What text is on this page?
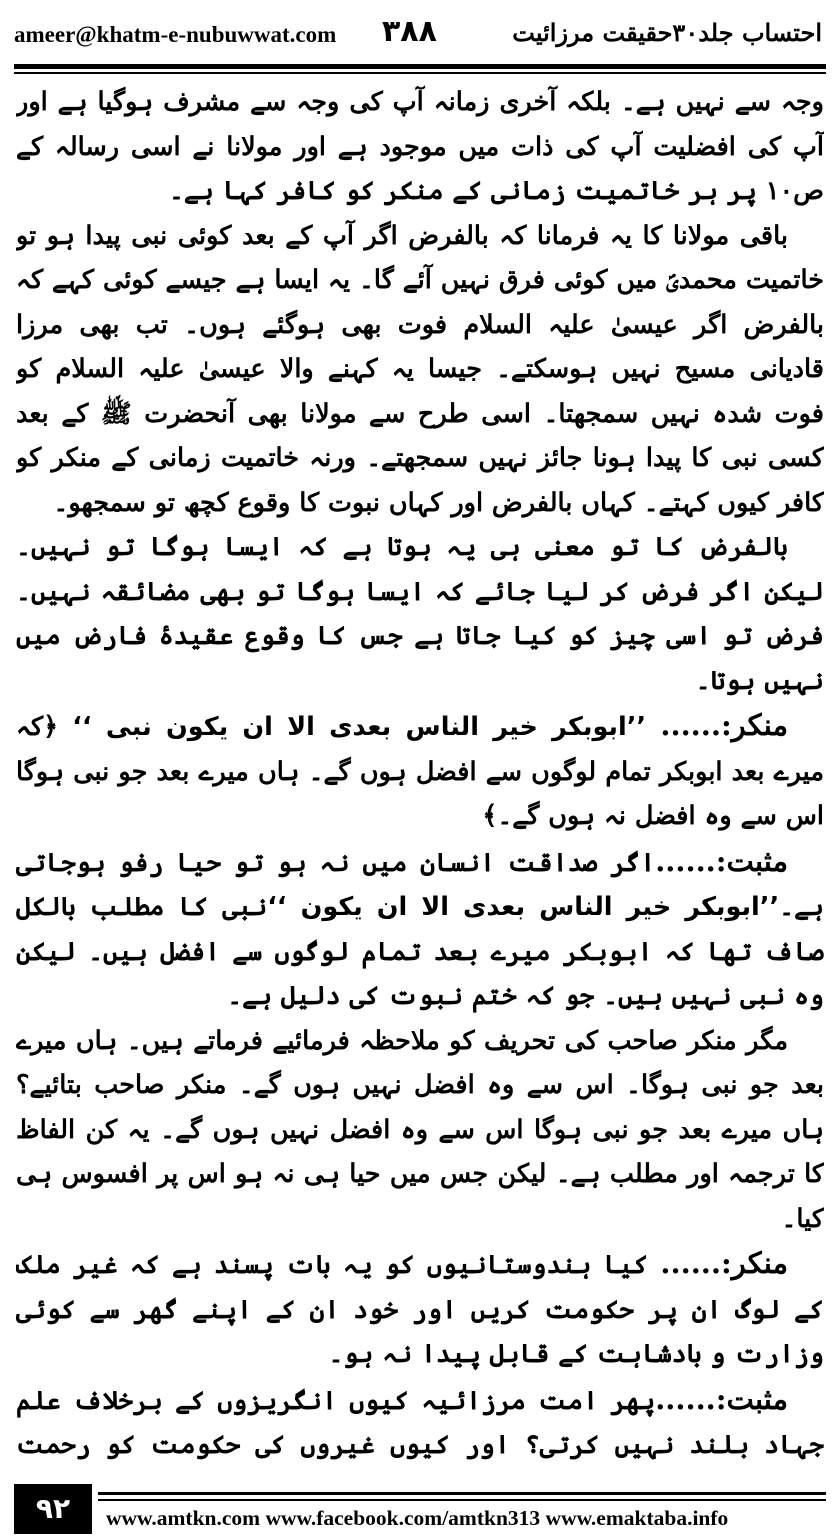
ameer@khatm-e-nubuwwat.com ۳۸۸	احتساب جلد۳۰حقیقت مرزائیت

وجہ سے نہیں ہے۔ بلکہ آخری زمانہ آپ کی وجہ سے مشرف ہوگیا ہے اور آپ کی افضلیت آپ کی ذات میں موجود ہے اور مولانا نے اسی رسالہ کے ص۱۰ پر ہر خاتمیت زمانی کے منکر کو کافر کہا ہے۔

باقی مولانا کا یہ فرمانا کہ بالفرض اگر آپ کے بعد کوئی نبی پیدا ہو تو خاتمیت محمدیؐ میں کوئی فرق نہیں آئے گا۔ یہ ایسا ہے جیسے کوئی کہے کہ بالفرض اگر عیسیٰ علیہ السلام فوت بھی ہوگئے ہوں۔ تب بھی مرزا قادیانی مسیح نہیں ہوسکتے۔ جیسا یہ کہنے والا عیسیٰ علیہ السلام کو فوت شدہ نہیں سمجھتا۔ اسی طرح سے مولانا بھی آنحضرت ﷺ کے بعد کسی نبی کا پیدا ہونا جائز نہیں سمجھتے۔ ورنہ خاتمیت زمانی کے منکر کو کافر کیوں کہتے۔ کہاں بالفرض اور کہاں نبوت کا وقوع کچھ تو سمجھو۔

بالفرض کا تو معنی ہی یہ ہوتا ہے کہ ایسا ہوگا تو نہیں۔ لیکن اگر فرض کر لیا جائے کہ ایسا ہوگا تو بھی مضائقہ نہیں۔ فرض تو اسی چیز کو کیا جاتا ہے جس کا وقوع عقیدۂ فارض میں نہیں ہوتا۔

منکر:...... ’’ابوبکر خیر الناس بعدی الا ان یکون نبی ‘‘ ﴿کہ میرے بعد ابوبکر تمام لوگوں سے افضل ہوں گے۔ ہاں میرے بعد جو نبی ہوگا اس سے وہ افضل نہ ہوں گے۔﴾

مثبت:......اگر صداقت انسان میں نہ ہو تو حیا رفو ہوجاتی ہے۔’’ابوبکر خیر الناس بعدی الا ان یکون ‘‘نبی کا مطلب بالکل صاف تھا کہ ابوبکر میرے بعد تمام لوگوں سے افضل ہیں۔ لیکن وہ نبی نہیں ہیں۔ جو کہ ختم نبوت کی دلیل ہے۔

مگر منکر صاحب کی تحریف کو ملاحظہ فرمائیے فرماتے ہیں۔ ہاں میرے بعد جو نبی ہوگا۔ اس سے وہ افضل نہیں ہوں گے۔ منکر صاحب بتائیے؟ ہاں میرے بعد جو نبی ہوگا اس سے وہ افضل نہیں ہوں گے۔ یہ کن الفاظ کا ترجمہ اور مطلب ہے۔ لیکن جس میں حیا ہی نہ ہو اس پر افسوس ہی کیا۔

منکر:...... کیا ہندوستانیوں کو یہ بات پسند ہے کہ غیر ملک کے لوگ ان پر حکومت کریں اور خود ان کے اپنے گھر سے کوئی وزارت و بادشاہت کے قابل پیدا نہ ہو۔

مثبت:......پھر امت مرزائیہ کیوں انگریزوں کے برخلاف علم جہاد بلند نہیں کرتی؟ اور کیوں غیروں کی حکومت کو رحمت

۹۲	www.amtkn.com www.facebook.com/amtkn313 www.emaktaba.info
